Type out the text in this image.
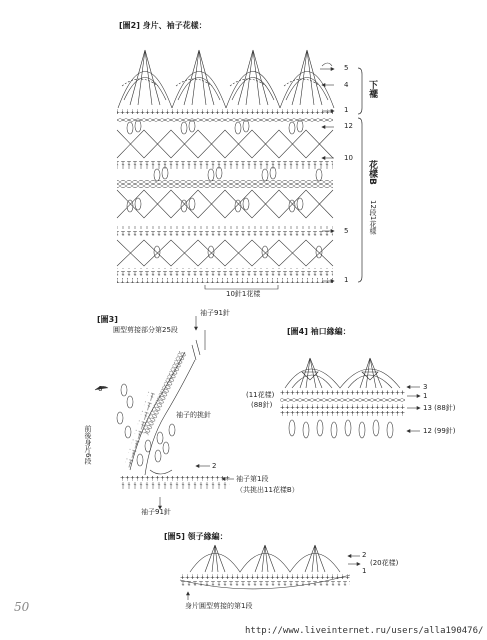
[圖2] 身片、袖子花樣：
5
4
1
12
10
5
1
下襬
花樣B
12段1花樣
10針1花樣
[圖3]
袖子91針
圓型剪接部分第25段
6
袖子的挑針
前後身片6段
2
袖子第1段
（共挑出11花樣B）
袖子91針
[圖4] 袖口緣編：
(11花樣)
(88針)
3
1
13 (88針)
12 (99針)
[圖5] 領子緣編：
2
(20花樣)
1
身片圓型剪接的第1段
50
http://www.liveinternet.ru/users/alla190476/
